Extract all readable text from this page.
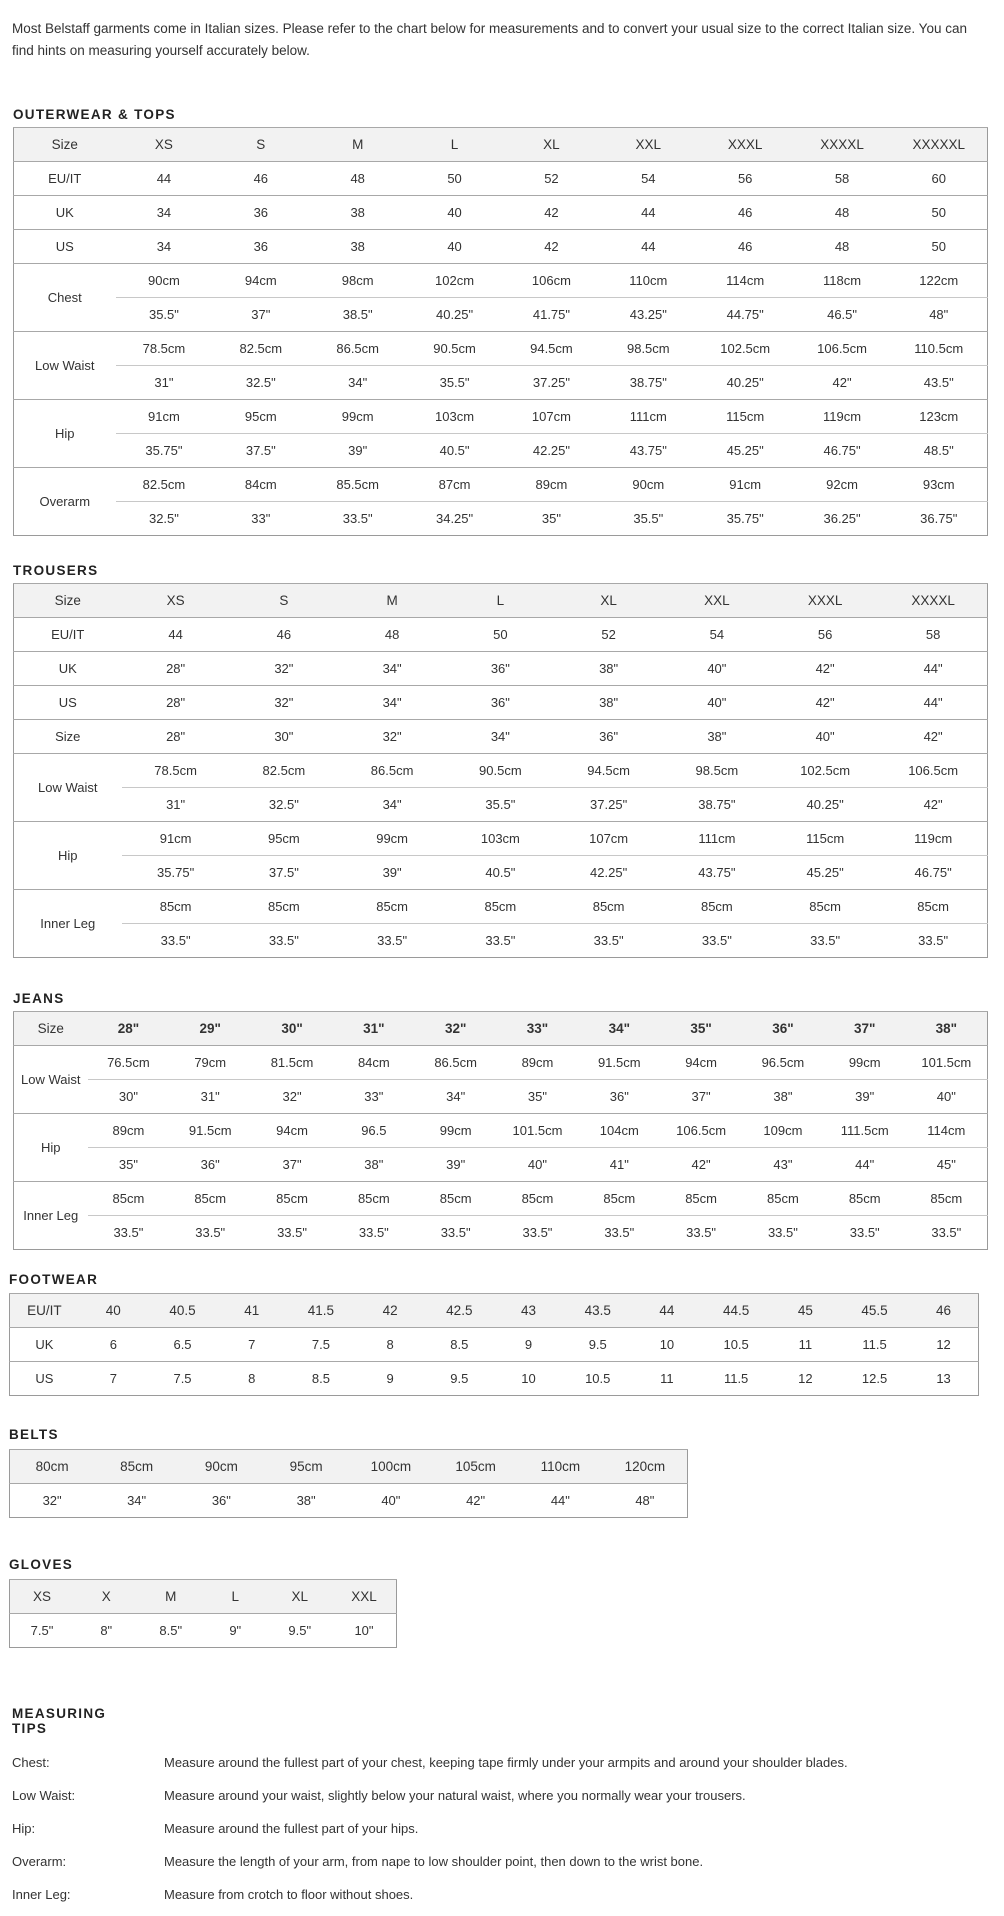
Most Belstaff garments come in Italian sizes. Please refer to the chart below for measurements and to convert your usual size to the correct Italian size. You can find hints on measuring yourself accurately below.
OUTERWEAR & TOPS
Size	XS	S	M	L	XL	XXL	XXXL	XXXXL	XXXXXL
EU/IT	44	46	48	50	52	54	56	58	60
UK	34	36	38	40	42	44	46	48	50
US	34	36	38	40	42	44	46	48	50
Chest	90cm	94cm	98cm	102cm	106cm	110cm	114cm	118cm	122cm
	35.5"	37"	38.5"	40.25"	41.75"	43.25"	44.75"	46.5"	48"
Low Waist	78.5cm	82.5cm	86.5cm	90.5cm	94.5cm	98.5cm	102.5cm	106.5cm	110.5cm
	31"	32.5"	34"	35.5"	37.25"	38.75"	40.25"	42"	43.5"
Hip	91cm	95cm	99cm	103cm	107cm	111cm	115cm	119cm	123cm
	35.75"	37.5"	39"	40.5"	42.25"	43.75"	45.25"	46.75"	48.5"
Overarm	82.5cm	84cm	85.5cm	87cm	89cm	90cm	91cm	92cm	93cm
	32.5"	33"	33.5"	34.25"	35"	35.5"	35.75"	36.25"	36.75"
TROUSERS
Size	XS	S	M	L	XL	XXL	XXXL	XXXXL
EU/IT	44	46	48	50	52	54	56	58
UK	28"	32"	34"	36"	38"	40"	42"	44"
US	28"	32"	34"	36"	38"	40"	42"	44"
Size	28"	30"	32"	34"	36"	38"	40"	42"
Low Waist	78.5cm	82.5cm	86.5cm	90.5cm	94.5cm	98.5cm	102.5cm	106.5cm
	31"	32.5"	34"	35.5"	37.25"	38.75"	40.25"	42"
Hip	91cm	95cm	99cm	103cm	107cm	111cm	115cm	119cm
	35.75"	37.5"	39"	40.5"	42.25"	43.75"	45.25"	46.75"
Inner Leg	85cm	85cm	85cm	85cm	85cm	85cm	85cm	85cm
	33.5"	33.5"	33.5"	33.5"	33.5"	33.5"	33.5"	33.5"
JEANS
Size	28"	29"	30"	31"	32"	33"	34"	35"	36"	37"	38"
Low Waist	76.5cm	79cm	81.5cm	84cm	86.5cm	89cm	91.5cm	94cm	96.5cm	99cm	101.5cm
	30"	31"	32"	33"	34"	35"	36"	37"	38"	39"	40"
Hip	89cm	91.5cm	94cm	96.5	99cm	101.5cm	104cm	106.5cm	109cm	111.5cm	114cm
	35"	36"	37"	38"	39"	40"	41"	42"	43"	44"	45"
Inner Leg	85cm	85cm	85cm	85cm	85cm	85cm	85cm	85cm	85cm	85cm	85cm
	33.5"	33.5"	33.5"	33.5"	33.5"	33.5"	33.5"	33.5"	33.5"	33.5"	33.5"
FOOTWEAR
EU/IT	40	40.5	41	41.5	42	42.5	43	43.5	44	44.5	45	45.5	46
UK	6	6.5	7	7.5	8	8.5	9	9.5	10	10.5	11	11.5	12
US	7	7.5	8	8.5	9	9.5	10	10.5	11	11.5	12	12.5	13
BELTS
80cm	85cm	90cm	95cm	100cm	105cm	110cm	120cm
32"	34"	36"	38"	40"	42"	44"	48"
GLOVES
XS	X	M	L	XL	XXL
7.5"	8"	8.5"	9"	9.5"	10"
MEASURING TIPS
Chest:	Measure around the fullest part of your chest, keeping tape firmly under your armpits and around your shoulder blades.
Low Waist:	Measure around your waist, slightly below your natural waist, where you normally wear your trousers.
Hip:	Measure around the fullest part of your hips.
Overarm:	Measure the length of your arm, from nape to low shoulder point, then down to the wrist bone.
Inner Leg:	Measure from crotch to floor without shoes.
